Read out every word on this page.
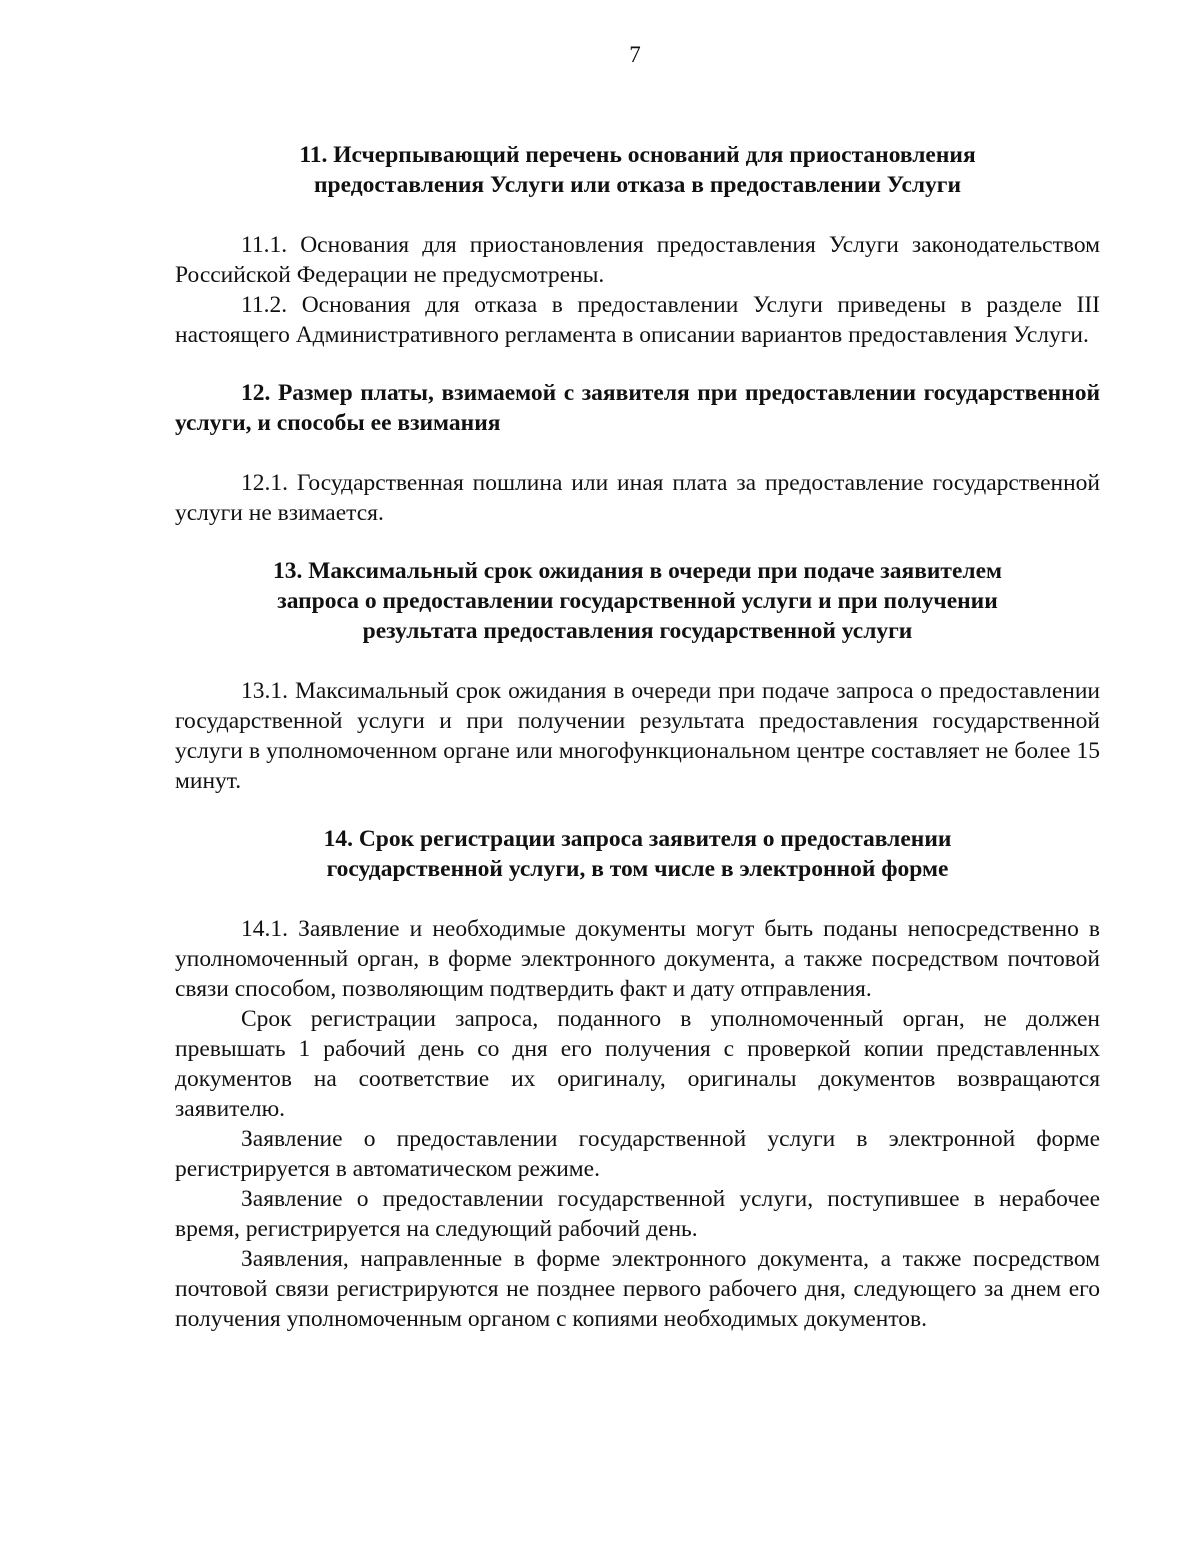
7

11. Исчерпывающий перечень оснований для приостановления
предоставления Услуги или отказа в предоставлении Услуги

11.1. Основания для приостановления предоставления Услуги законодательством Российской Федерации не предусмотрены.

11.2. Основания для отказа в предоставлении Услуги приведены в разделе III настоящего Административного регламента в описании вариантов предоставления Услуги.

12. Размер платы, взимаемой с заявителя при предоставлении государственной услуги, и способы ее взимания

12.1. Государственная пошлина или иная плата за предоставление государственной услуги не взимается.

13. Максимальный срок ожидания в очереди при подаче заявителем
запроса о предоставлении государственной услуги и при получении
результата предоставления государственной услуги

13.1. Максимальный срок ожидания в очереди при подаче запроса о предоставлении государственной услуги и при получении результата предоставления государственной услуги в уполномоченном органе или многофункциональном центре составляет не более 15 минут.

14. Срок регистрации запроса заявителя о предоставлении
государственной услуги, в том числе в электронной форме

14.1. Заявление и необходимые документы могут быть поданы непосредственно в уполномоченный орган, в форме электронного документа, а также посредством почтовой связи способом, позволяющим подтвердить факт и дату отправления.

Срок регистрации запроса, поданного в уполномоченный орган, не должен превышать 1 рабочий день со дня его получения с проверкой копии представленных документов на соответствие их оригиналу, оригиналы документов возвращаются заявителю.

Заявление о предоставлении государственной услуги в электронной форме регистрируется в автоматическом режиме.

Заявление о предоставлении государственной услуги, поступившее в нерабочее время, регистрируется на следующий рабочий день.

Заявления, направленные в форме электронного документа, а также посредством почтовой связи регистрируются не позднее первого рабочего дня, следующего за днем его получения уполномоченным органом с копиями необходимых документов.
